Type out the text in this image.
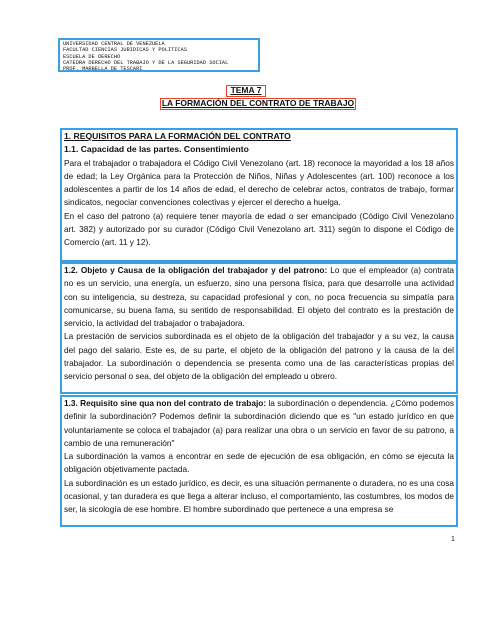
UNIVERSIDAD CENTRAL DE VENEZUELA
FACULTAD CIENCIAS JURIDICAS Y POLITICAS
ESCUELA DE DERECHO
CATEDRA DERECHO DEL TRABAJO Y DE LA SEGURIDAD SOCIAL
PROF. MARBELLA DE TESCARI
TEMA 7
LA FORMACIÓN DEL CONTRATO DE TRABAJO
1. REQUISITOS PARA LA FORMACIÓN DEL CONTRATO
1.1. Capacidad de las partes. Consentimiento

Para el trabajador o trabajadora el Código Civil Venezolano (art. 18) reconoce la mayoridad a los 18 años de edad; la Ley Orgánica para la Protección de Niños, Niñas y Adolescentes (art. 100) reconoce a los adolescentes a partir de los 14 años de edad, el derecho de celebrar actos, contratos de trabajo, formar sindicatos, negociar convenciones colectivas y ejercer el derecho a huelga.

En el caso del patrono (a) requiere tener mayoría de edad o ser emancipado (Código Civil Venezolano art. 382) y autorizado por su curador (Código Civil Venezolano art. 311) según lo dispone el Código de Comercio (art. 11 y 12).

1.2. Objeto y Causa de la obligación del trabajador y del patrono: Lo que el empleador (a) contrata no es un servicio, una energía, un esfuerzo, sino una persona física, para que desarrolle una actividad con su inteligencia, su destreza, su capacidad profesional y con, no poca frecuencia su simpatía para comunicarse, su buena fama, su sentido de responsabilidad. El objeto del contrato es la prestación de servicio, la actividad del trabajador o trabajadora.

La prestación de servicios subordinada es el objeto de la obligación del trabajador y a su vez, la causa del pago del salario. Este es, de su parte, el objeto de la obligación del patrono y la causa de la del trabajador. La subordinación o dependencia se presenta como una de las características propias del servicio personal o sea, del objeto de la obligación del empleado u obrero.

1.3. Requisito sine qua non del contrato de trabajo: la subordinación o dependencia. ¿Cómo podemos definir la subordinación? Podemos definir la subordinación diciendo que es "un estado jurídico en que voluntariamente se coloca el trabajador (a) para realizar una obra o un servicio en favor de su patrono, a cambio de una remuneración"

La subordinación la vamos a encontrar en sede de ejecución de esa obligación, en cómo se ejecuta la obligación objetivamente pactada.

La subordinación es un estado jurídico, es decir, es una situación permanente o duradera, no es una cosa ocasional, y tan duradera es que llega a alterar incluso, el comportamiento, las costumbres, los modos de ser, la sicología de ese hombre. El hombre subordinado que pertenece a una empresa se

1
